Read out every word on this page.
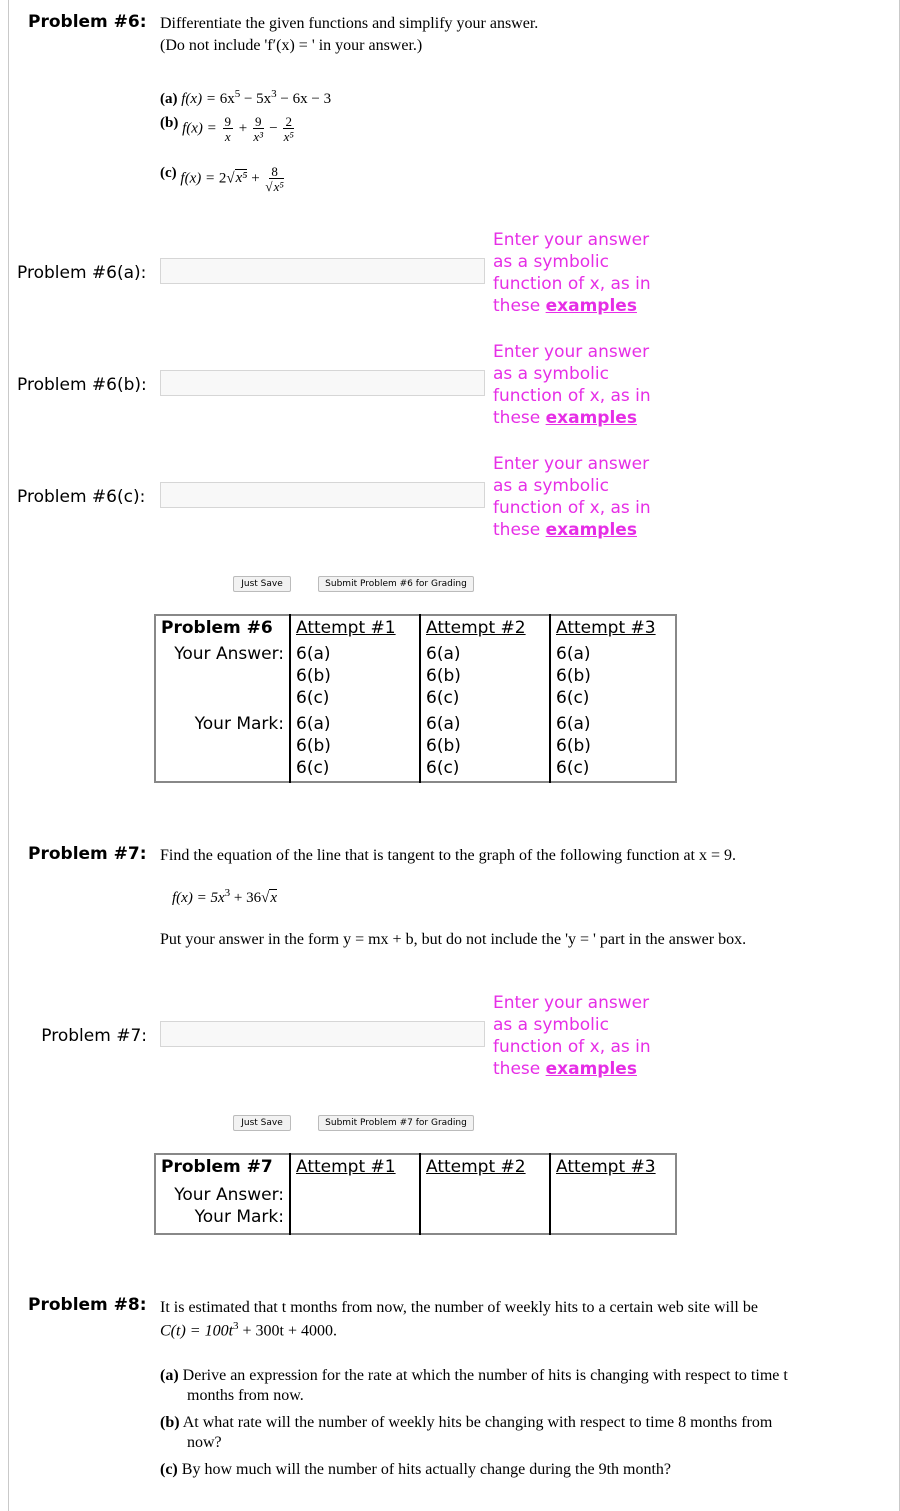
Problem #6: Differentiate the given functions and simplify your answer.
(Do not include 'f′(x) = ' in your answer.)
(a) $f(x) = 6x^5 - 5x^3 - 6x - 3$
(b) $f(x) = \frac{9}{x} + \frac{9}{\text{x³}} - \frac{2}{\text{x⁵}}$
(c) $f(x) = 2√x^5 + \frac{8}{\text{√x⁵}}$
Problem #6(a):
Enter your answer
as a symbolic
function of x, as in
these examples
Problem #6(b):
Enter your answer
as a symbolic
function of x, as in
these examples
Problem #6(c):
Enter your answer
as a symbolic
function of x, as in
these examples
Just Save	Submit Problem #6 for Grading
Problem #6	Attempt #1	Attempt #2	Attempt #3
Your Answer:	6(a)
6(b)
6(c)	6(a)
6(b)
6(c)	6(a)
6(b)
6(c)
Your Mark:	6(a)
6(b)
6(c)	6(a)
6(b)
6(c)	6(a)
6(b)
6(c)
Problem #7: Find the equation of the line that is tangent to the graph of the following function at x = 9.
$f(x) = 5x^3 + 36√x$
Put your answer in the form y = mx + b, but do not include the 'y = ' part in the answer box.
Problem #7:
Enter your answer
as a symbolic
function of x, as in
these examples
Just Save	Submit Problem #7 for Grading
Problem #7	Attempt #1	Attempt #2	Attempt #3
Your Answer:
Your Mark:			
Problem #8: It is estimated that t months from now, the number of weekly hits to a certain web site will be
$C(t) = 100t^3 + 300t + 4000$.
(a) Derive an expression for the rate at which the number of hits is changing with respect to time t
months from now.
(b) At what rate will the number of weekly hits be changing with respect to time 8 months from
now?
(c) By how much will the number of hits actually change during the 9th month?
